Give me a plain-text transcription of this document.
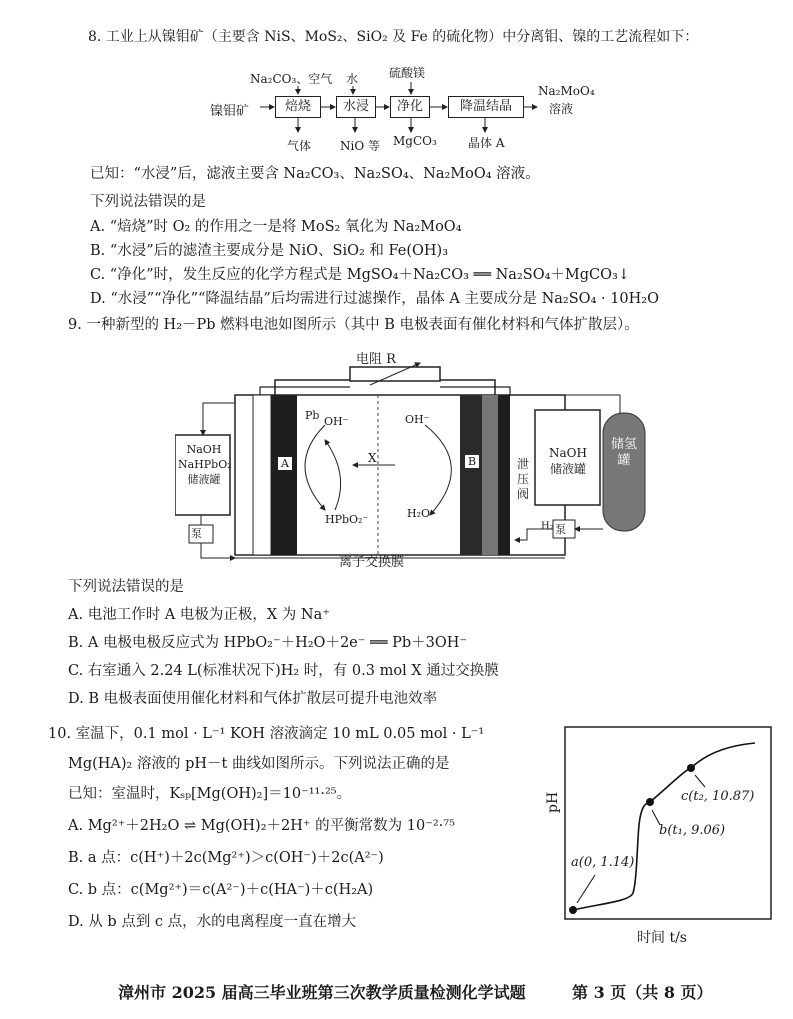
8. 工业上从镍钼矿（主要含 NiS、MoS₂、SiO₂ 及 Fe 的硫化物）中分离钼、镍的工艺流程如下：
Na₂CO₃、空气 水	硫酸镁
Na₂MoO₄
溶液
镍钼矿	焙烧	水浸	净化	降温结晶
气体 NiO 等 MgCO₃	晶体 A
已知：“水浸”后，滤液主要含 Na₂CO₃、Na₂SO₄、Na₂MoO₄ 溶液。
下列说法错误的是
A. “焙烧”时 O₂ 的作用之一是将 MoS₂ 氧化为 Na₂MoO₄
B. “水浸”后的滤渣主要成分是 NiO、SiO₂ 和 Fe(OH)₃
C. “净化”时，发生反应的化学方程式是 MgSO₄＋Na₂CO₃ ══ Na₂SO₄＋MgCO₃↓
D. “水浸”“净化”“降温结晶”后均需进行过滤操作，晶体 A 主要成分是 Na₂SO₄ · 10H₂O
9. 一种新型的 H₂－Pb 燃料电池如图所示（其中 B 电极表面有催化材料和气体扩散层）。
电阻 R
NaOH
NaHPbO₂
储液罐
泵
NaOH
储液罐
泵
储氢罐
泄压阀
A	B
X
离子交换膜
Pb OH⁻
HPbO₂⁻
OH⁻
H₂O
H₂
下列说法错误的是
A. 电池工作时 A 电极为正极，X 为 Na⁺
B. A 电极电极反应式为 HPbO₂⁻＋H₂O＋2e⁻ ══ Pb＋3OH⁻
C. 右室通入 2.24 L(标准状况下)H₂ 时，有 0.3 mol X 通过交换膜
D. B 电极表面使用催化材料和气体扩散层可提升电池效率
10. 室温下，0.1 mol · L⁻¹ KOH 溶液滴定 10 mL 0.05 mol · L⁻¹
Mg(HA)₂ 溶液的 pH－t 曲线如图所示。下列说法正确的是
已知：室温时，Kₛₚ[Mg(OH)₂]＝10⁻¹¹·²⁵。
A. Mg²⁺＋2H₂O ⇌ Mg(OH)₂＋2H⁺ 的平衡常数为 10⁻²·⁷⁵
B. a 点：c(H⁺)＋2c(Mg²⁺)＞c(OH⁻)＋2c(A²⁻)
C. b 点：c(Mg²⁺)＝c(A²⁻)＋c(HA⁻)＋c(H₂A)
D. 从 b 点到 c 点，水的电离程度一直在增大
pH
时间 t/s
a(0, 1.14)
b(t₁, 9.06)
c(t₂, 10.87)
漳州市 2025 届高三毕业班第三次教学质量检测化学试题	第 3 页（共 8 页）
